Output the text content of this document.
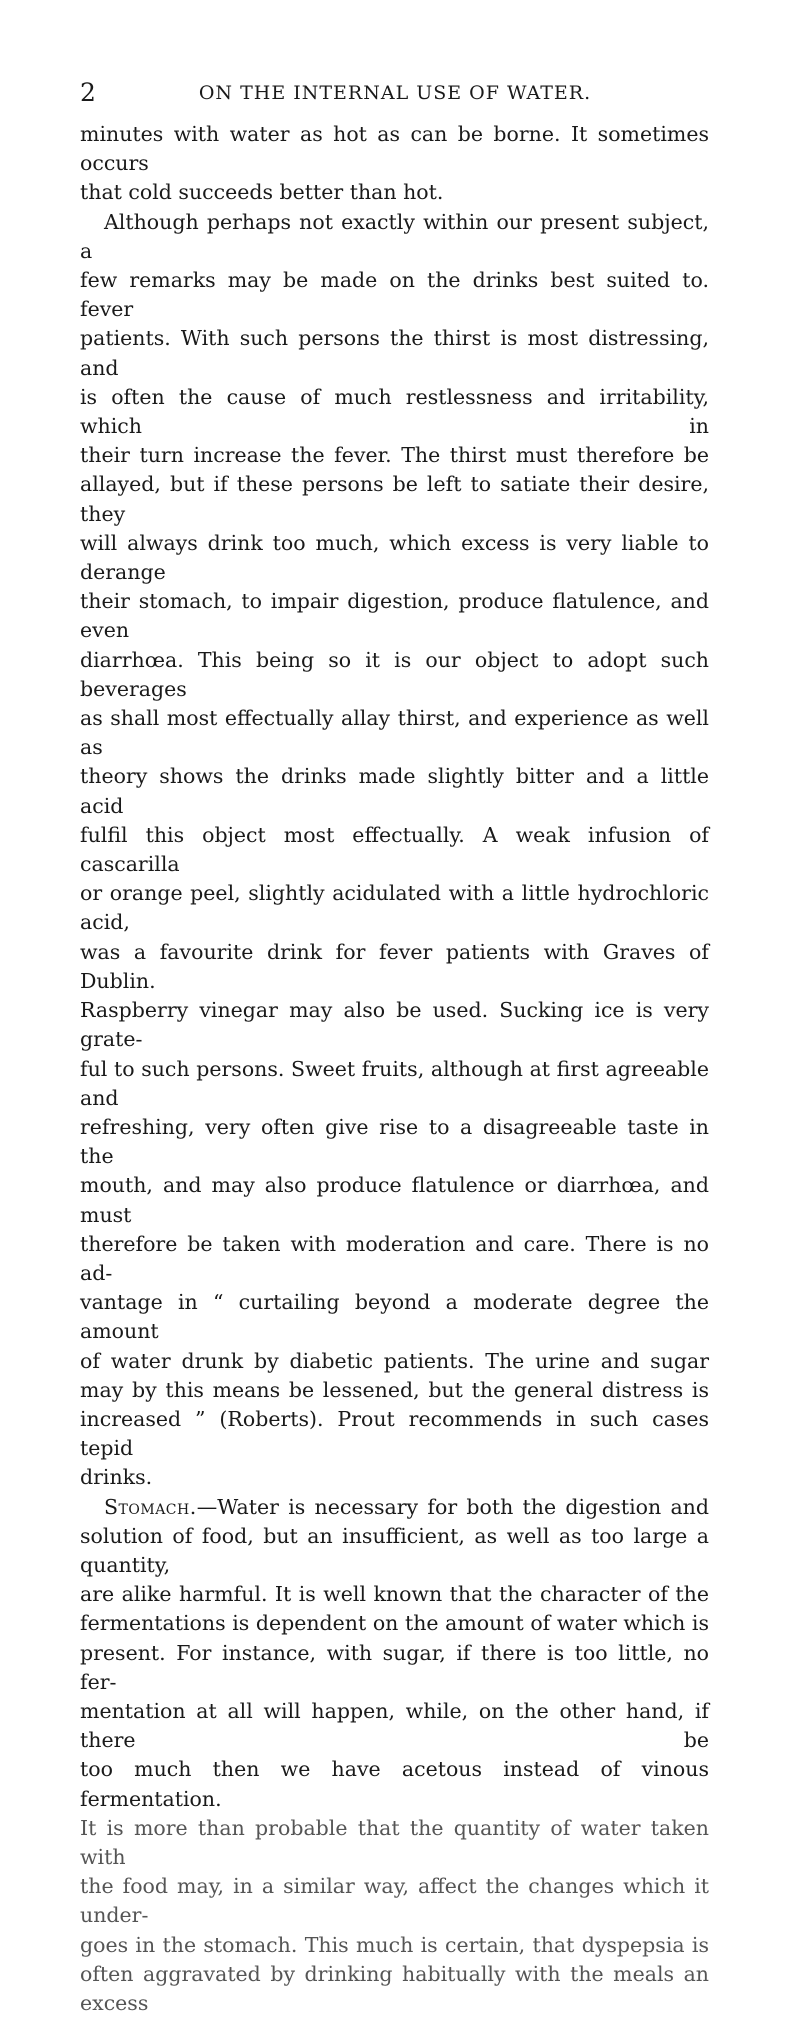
2	ON THE INTERNAL USE OF WATER.

minutes with water as hot as can be borne. It sometimes occurs

that cold succeeds better than hot.

Although perhaps not exactly within our present subject, a

few remarks may be made on the drinks best suited to. fever

patients. With such persons the thirst is most distressing, and

is often the cause of much restlessness and irritability, which in

their turn increase the fever. The thirst must therefore be

allayed, but if these persons be left to satiate their desire, they

will always drink too much, which excess is very liable to derange

their stomach, to impair digestion, produce flatulence, and even

diarrhœa. This being so it is our object to adopt such beverages

as shall most effectually allay thirst, and experience as well as

theory shows the drinks made slightly bitter and a little acid

fulfil this object most effectually. A weak infusion of cascarilla

or orange peel, slightly acidulated with a little hydrochloric acid,

was a favourite drink for fever patients with Graves of Dublin.

Raspberry vinegar may also be used. Sucking ice is very grate-

ful to such persons. Sweet fruits, although at first agreeable and

refreshing, very often give rise to a disagreeable taste in the

mouth, and may also produce flatulence or diarrhœa, and must

therefore be taken with moderation and care. There is no ad-

vantage in “ curtailing beyond a moderate degree the amount

of water drunk by diabetic patients. The urine and sugar

may by this means be lessened, but the general distress is

increased ” (Roberts). Prout recommends in such cases tepid

drinks.

Stomach.—Water is necessary for both the digestion and

solution of food, but an insufficient, as well as too large a quantity,

are alike harmful. It is well known that the character of the

fermentations is dependent on the amount of water which is

present. For instance, with sugar, if there is too little, no fer-

mentation at all will happen, while, on the other hand, if there be

too much then we have acetous instead of vinous fermentation.

It is more than probable that the quantity of water taken with

the food may, in a similar way, affect the changes which it under-

goes in the stomach. This much is certain, that dyspepsia is

often aggravated by drinking habitually with the meals an excess
